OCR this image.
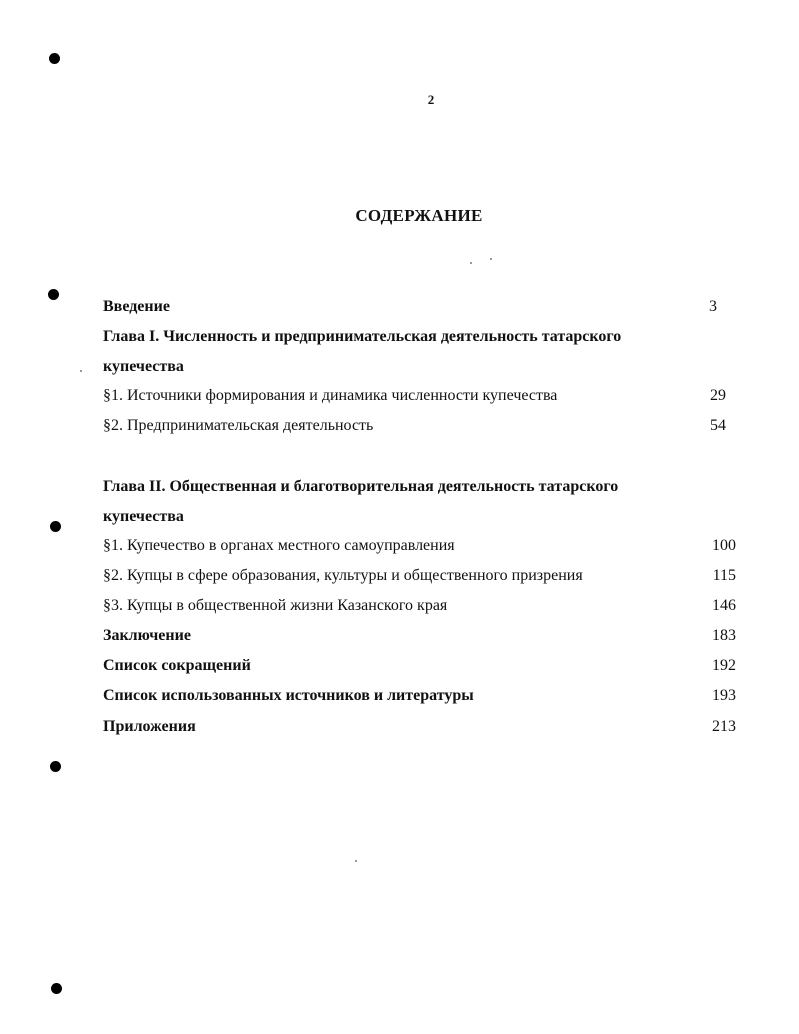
2
СОДЕРЖАНИЕ
Введение	3
Глава I. Численность и предпринимательская деятельность татарского
купечества
§1. Источники формирования и динамика численности купечества	29
§2. Предпринимательская деятельность	54
Глава II. Общественная и благотворительная деятельность татарского
купечества
§1. Купечество в органах местного самоуправления	100
§2. Купцы в сфере образования, культуры и общественного призрения	115
§3. Купцы в общественной жизни Казанского края	146
Заключение	183
Список сокращений	192
Список использованных источников и литературы	193
Приложения	213
